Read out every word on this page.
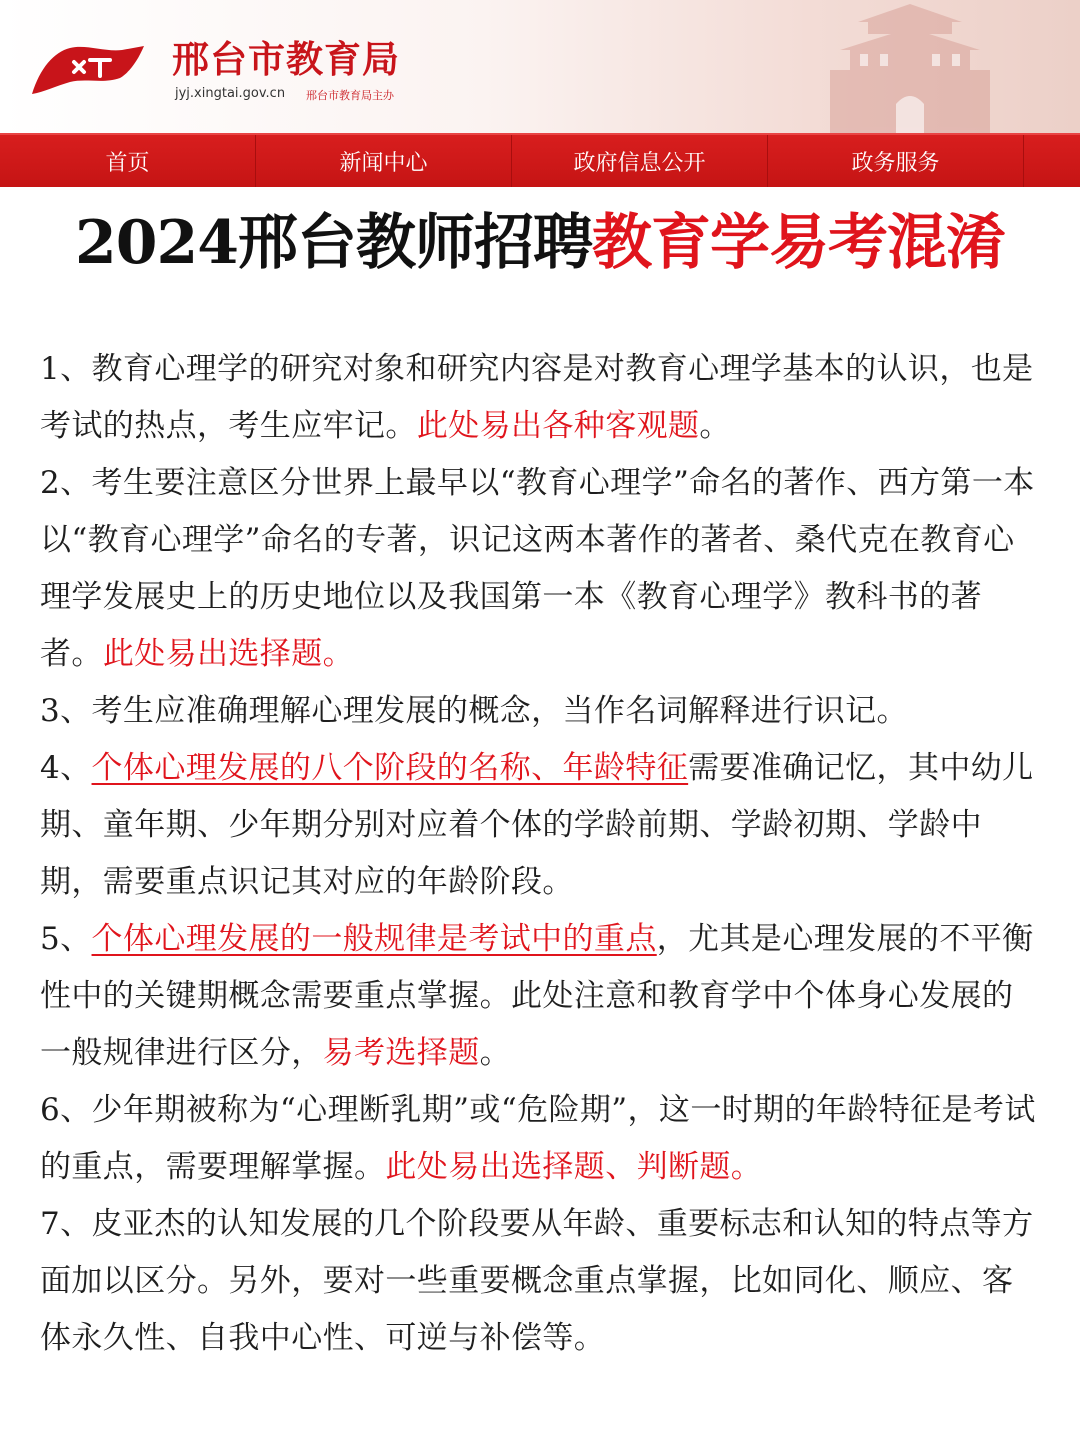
邢台市教育局
jyj.xingtai.gov.cn 邢台市教育局主办
首页	新闻中心	政府信息公开	政务服务
2024邢台教师招聘教育学易考混淆

1、教育心理学的研究对象和研究内容是对教育心理学基本的认识，也是考试的热点，考生应牢记。此处易出各种客观题。

2、考生要注意区分世界上最早以“教育心理学”命名的著作、西方第一本以“教育心理学”命名的专著，识记这两本著作的著者、桑代克在教育心理学发展史上的历史地位以及我国第一本《教育心理学》教科书的著者。此处易出选择题。

3、考生应准确理解心理发展的概念，当作名词解释进行识记。

4、个体心理发展的八个阶段的名称、年龄特征需要准确记忆，其中幼儿期、童年期、少年期分别对应着个体的学龄前期、学龄初期、学龄中期，需要重点识记其对应的年龄阶段。

5、个体心理发展的一般规律是考试中的重点，尤其是心理发展的不平衡性中的关键期概念需要重点掌握。此处注意和教育学中个体身心发展的一般规律进行区分，易考选择题。

6、少年期被称为“心理断乳期”或“危险期”，这一时期的年龄特征是考试的重点，需要理解掌握。此处易出选择题、判断题。

7、皮亚杰的认知发展的几个阶段要从年龄、重要标志和认知的特点等方面加以区分。另外，要对一些重要概念重点掌握，比如同化、顺应、客体永久性、自我中心性、可逆与补偿等。
